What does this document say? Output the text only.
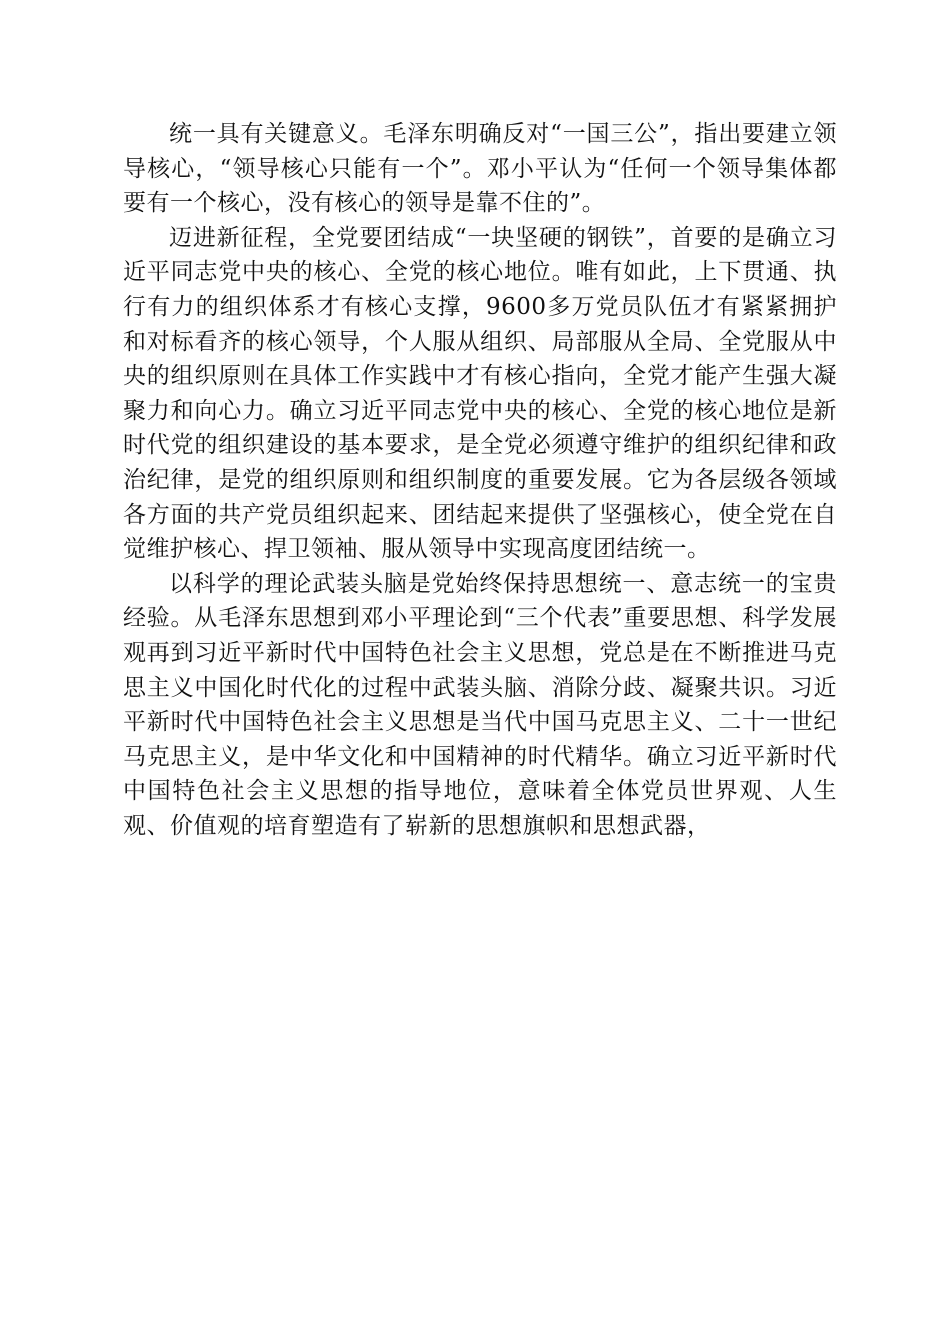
统一具有关键意义。毛泽东明确反对“一国三公”，指出要建立领导核心，“领导核心只能有一个”。邓小平认为“任何一个领导集体都要有一个核心，没有核心的领导是靠不住的”。

迈进新征程，全党要团结成“一块坚硬的钢铁”，首要的是确立习近平同志党中央的核心、全党的核心地位。唯有如此，上下贯通、执行有力的组织体系才有核心支撑，9600多万党员队伍才有紧紧拥护和对标看齐的核心领导，个人服从组织、局部服从全局、全党服从中央的组织原则在具体工作实践中才有核心指向，全党才能产生强大凝聚力和向心力。确立习近平同志党中央的核心、全党的核心地位是新时代党的组织建设的基本要求，是全党必须遵守维护的组织纪律和政治纪律，是党的组织原则和组织制度的重要发展。它为各层级各领域各方面的共产党员组织起来、团结起来提供了坚强核心，使全党在自觉维护核心、捍卫领袖、服从领导中实现高度团结统一。

以科学的理论武装头脑是党始终保持思想统一、意志统一的宝贵经验。从毛泽东思想到邓小平理论到“三个代表”重要思想、科学发展观再到习近平新时代中国特色社会主义思想，党总是在不断推进马克思主义中国化时代化的过程中武装头脑、消除分歧、凝聚共识。习近平新时代中国特色社会主义思想是当代中国马克思主义、二十一世纪马克思主义，是中华文化和中国精神的时代精华。确立习近平新时代中国特色社会主义思想的指导地位，意味着全体党员世界观、人生观、价值观的培育塑造有了崭新的思想旗帜和思想武器，
